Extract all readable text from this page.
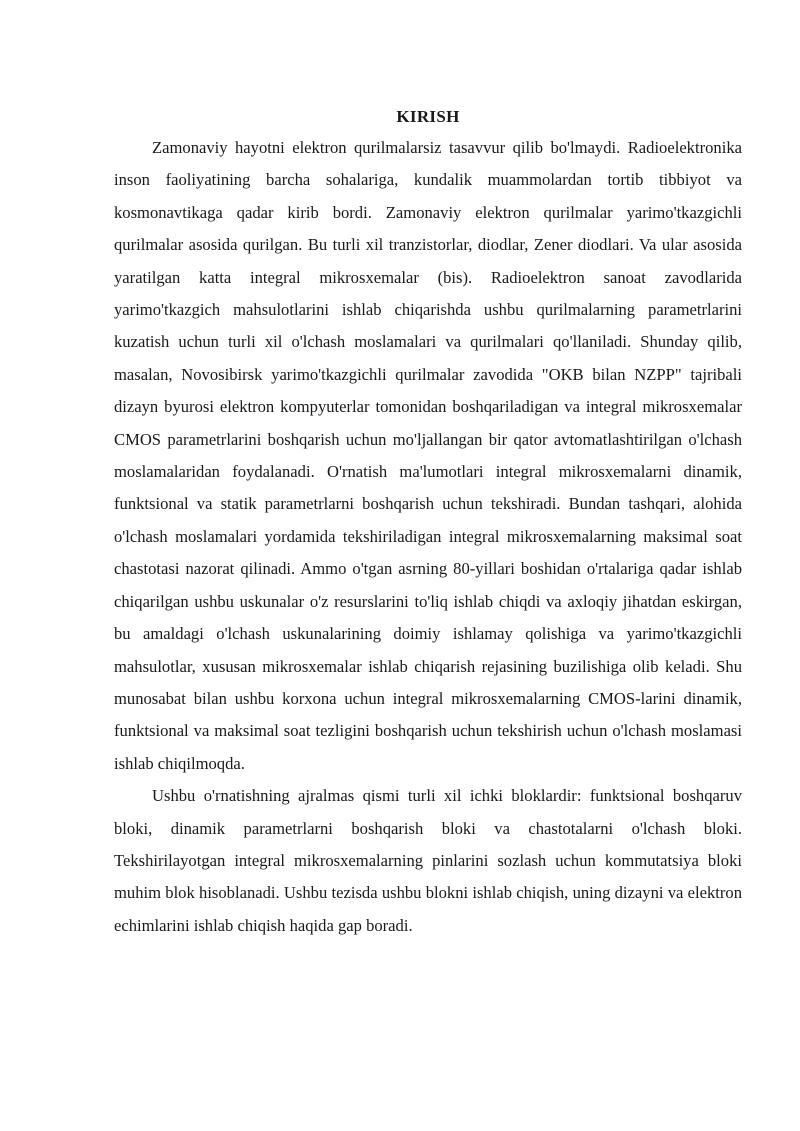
KIRISH

Zamonaviy hayotni elektron qurilmalarsiz tasavvur qilib bo'lmaydi. Radioelektronika inson faoliyatining barcha sohalariga, kundalik muammolardan tortib tibbiyot va kosmonavtikaga qadar kirib bordi. Zamonaviy elektron qurilmalar yarimo'tkazgichli qurilmalar asosida qurilgan. Bu turli xil tranzistorlar, diodlar, Zener diodlari. Va ular asosida yaratilgan katta integral mikrosxemalar (bis). Radioelektron sanoat zavodlarida yarimo'tkazgich mahsulotlarini ishlab chiqarishda ushbu qurilmalarning parametrlarini kuzatish uchun turli xil o'lchash moslamalari va qurilmalari qo'llaniladi. Shunday qilib, masalan, Novosibirsk yarimo'tkazgichli qurilmalar zavodida "OKB bilan NZPP" tajribali dizayn byurosi elektron kompyuterlar tomonidan boshqariladigan va integral mikrosxemalar CMOS parametrlarini boshqarish uchun mo'ljallangan bir qator avtomatlashtirilgan o'lchash moslamalaridan foydalanadi. O'rnatish ma'lumotlari integral mikrosxemalarni dinamik, funktsional va statik parametrlarni boshqarish uchun tekshiradi. Bundan tashqari, alohida o'lchash moslamalari yordamida tekshiriladigan integral mikrosxemalarning maksimal soat chastotasi nazorat qilinadi. Ammo o'tgan asrning 80-yillari boshidan o'rtalariga qadar ishlab chiqarilgan ushbu uskunalar o'z resurslarini to'liq ishlab chiqdi va axloqiy jihatdan eskirgan, bu amaldagi o'lchash uskunalarining doimiy ishlamay qolishiga va yarimo'tkazgichli mahsulotlar, xususan mikrosxemalar ishlab chiqarish rejasining buzilishiga olib keladi. Shu munosabat bilan ushbu korxona uchun integral mikrosxemalarning CMOS-larini dinamik, funktsional va maksimal soat tezligini boshqarish uchun tekshirish uchun o'lchash moslamasi ishlab chiqilmoqda.

Ushbu o'rnatishning ajralmas qismi turli xil ichki bloklardir: funktsional boshqaruv bloki, dinamik parametrlarni boshqarish bloki va chastotalarni o'lchash bloki. Tekshirilayotgan integral mikrosxemalarning pinlarini sozlash uchun kommutatsiya bloki muhim blok hisoblanadi. Ushbu tezisda ushbu blokni ishlab chiqish, uning dizayni va elektron echimlarini ishlab chiqish haqida gap boradi.
